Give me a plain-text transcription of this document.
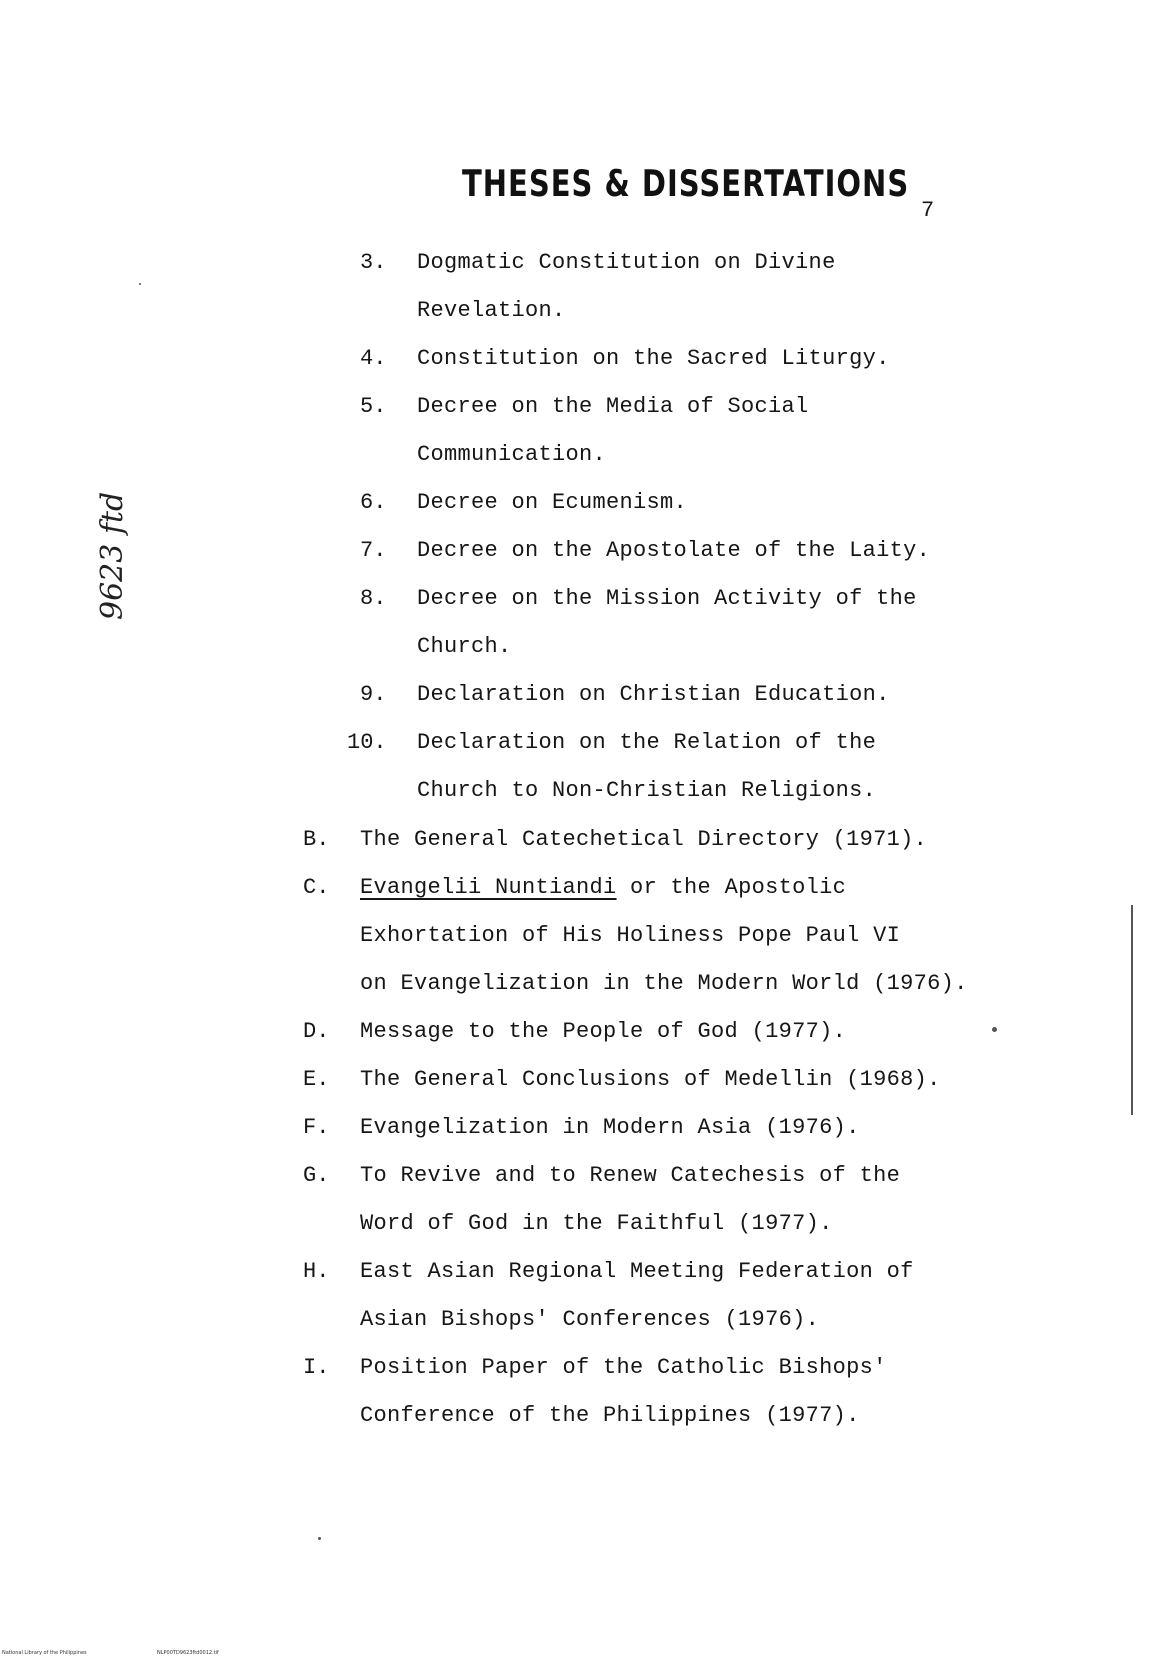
THESES & DISSERTATIONS
7
9623 ftd
3. Dogmatic Constitution on Divine
Revelation.
4. Constitution on the Sacred Liturgy.
5. Decree on the Media of Social
Communication.
6. Decree on Ecumenism.
7. Decree on the Apostolate of the Laity.
8. Decree on the Mission Activity of the
Church.
9. Declaration on Christian Education.
10. Declaration on the Relation of the
Church to Non-Christian Religions.
B. The General Catechetical Directory (1971).
C. Evangelii Nuntiandi or the Apostolic
Exhortation of His Holiness Pope Paul VI
on Evangelization in the Modern World (1976).
D. Message to the People of God (1977).
E. The General Conclusions of Medellin (1968).
F. Evangelization in Modern Asia (1976).
G. To Revive and to Renew Catechesis of the
Word of God in the Faithful (1977).
H. East Asian Regional Meeting Federation of
Asian Bishops' Conferences (1976).
I. Position Paper of the Catholic Bishops'
Conference of the Philippines (1977).
National Library of the Philippines	NLP00TD9623ftd0012.tif
